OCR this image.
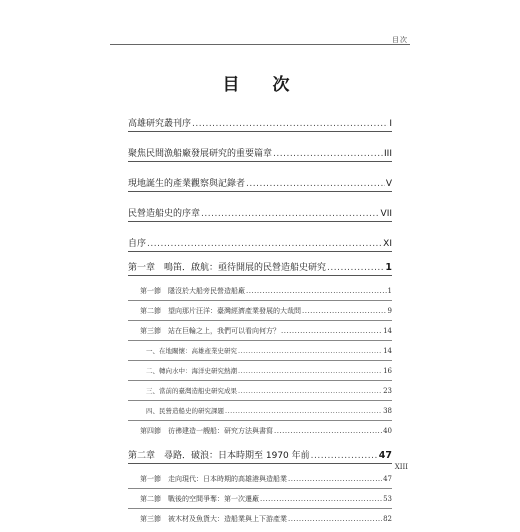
目次
目　次
高雄研究叢刊序 .....	I
聚焦民間漁船廠發展研究的重要篇章 .....	III
現地誕生的產業觀察與記錄者 .....	V
民營造船史的序章 .....	VII
自序 .....	XI
第一章　鳴笛．啟航：亟待開展的民營造船史研究 .....	1
第一節　隱沒於大船旁民營造船廠 .....	1
第二節　望向那片汪洋：臺灣經濟產業發展的大哉問 .....	9
第三節　站在巨輪之上，我們可以看向何方？ .....	14
一、在地關懷：高雄產業史研究 .....	14
二、轉向水中：海洋史研究熱潮 .....	16
三、當前的臺灣造船史研究成果 .....	23
四、民營造船史的研究課題 .....	38
第四節　彷彿建造一艘船：研究方法與書寫 .....	40
第二章　尋路．破浪：日本時期至 1970 年前 .....	47
第一節　走向現代：日本時期的高雄港與造船業 .....	47
第二節　戰後的空間爭奪：第一次遷廠 .....	53
第三節　被木材及魚貨大：造船業與上下游產業 .....	82
XIII
